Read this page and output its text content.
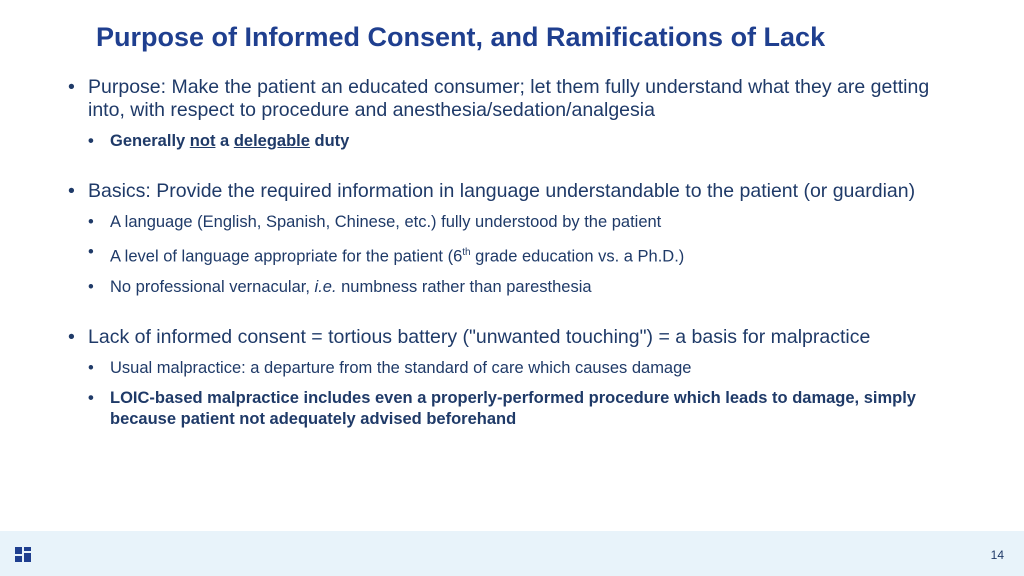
Purpose of Informed Consent, and Ramifications of Lack
• Purpose: Make the patient an educated consumer; let them fully understand what they are getting into, with respect to procedure and anesthesia/sedation/analgesia
• Generally not a delegable duty
• Basics: Provide the required information in language understandable to the patient (or guardian)
• A language (English, Spanish, Chinese, etc.) fully understood by the patient
• A level of language appropriate for the patient (6th grade education vs. a Ph.D.)
• No professional vernacular, i.e. numbness rather than paresthesia
• Lack of informed consent = tortious battery ("unwanted touching") = a basis for malpractice
• Usual malpractice: a departure from the standard of care which causes damage
• LOIC-based malpractice includes even a properly-performed procedure which leads to damage, simply because patient not adequately advised beforehand
14
